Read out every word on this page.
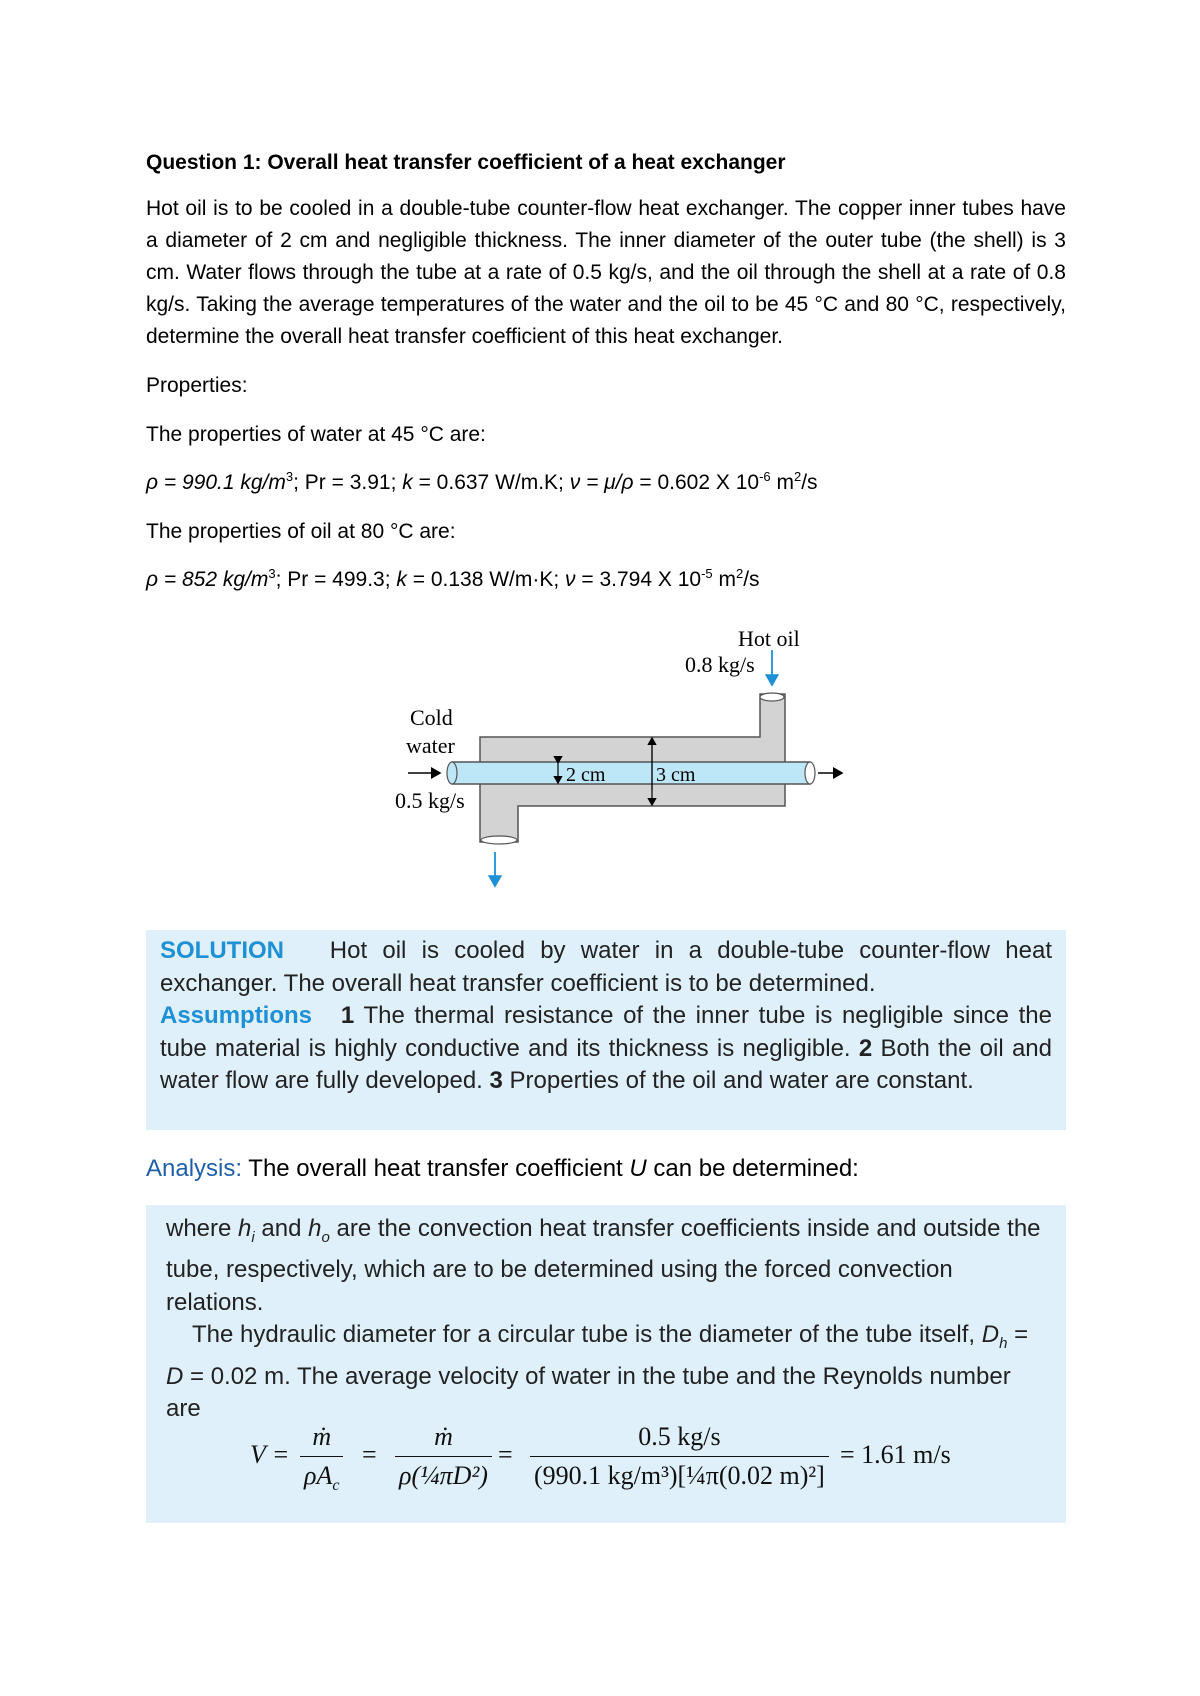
Question 1: Overall heat transfer coefficient of a heat exchanger
Hot oil is to be cooled in a double-tube counter-flow heat exchanger. The copper inner tubes have a diameter of 2 cm and negligible thickness. The inner diameter of the outer tube (the shell) is 3 cm. Water flows through the tube at a rate of 0.5 kg/s, and the oil through the shell at a rate of 0.8 kg/s. Taking the average temperatures of the water and the oil to be 45 °C and 80 °C, respectively, determine the overall heat transfer coefficient of this heat exchanger.
Properties:
The properties of water at 45 °C are:
ρ = 990.1 $kg/m^3$; Pr = 3.91; k = 0.637 W/m.K; ν = μ/ρ = 0.602 X $10^{-6}$ $m^2/s$
The properties of oil at 80 °C are:
ρ = 852 $kg/m^3$; Pr = 499.3; k = 0.138 W/m·K; ν = 3.794 X $10^{-5}$ $m^2/s$
Hot oil
0.8 kg/s
Cold
water
0.5 kg/s
2 cm	3 cm
SOLUTION Hot oil is cooled by water in a double-tube counter-flow heat exchanger. The overall heat transfer coefficient is to be determined.
Assumptions 1 The thermal resistance of the inner tube is negligible since the tube material is highly conductive and its thickness is negligible. 2 Both the oil and water flow are fully developed. 3 Properties of the oil and water are constant.
Analysis: The overall heat transfer coefficient U can be determined:
where $h_i$ and $h_o$ are the convection heat transfer coefficients inside and outside the tube, respectively, which are to be determined using the forced convection relations.
The hydraulic diameter for a circular tube is the diameter of the tube itself, $D_h = D = 0.02$ m. The average velocity of water in the tube and the Reynolds number are
V =
ṁ
$\rho A_c$
= $\frac{\text{ṁ}}{\text{ρ(¼πD²)}} = \frac{0.5 kg/s}{\text{(990.1 kg/m³)[¼π(0.02 m)²]}} = 1.61$ m/s
